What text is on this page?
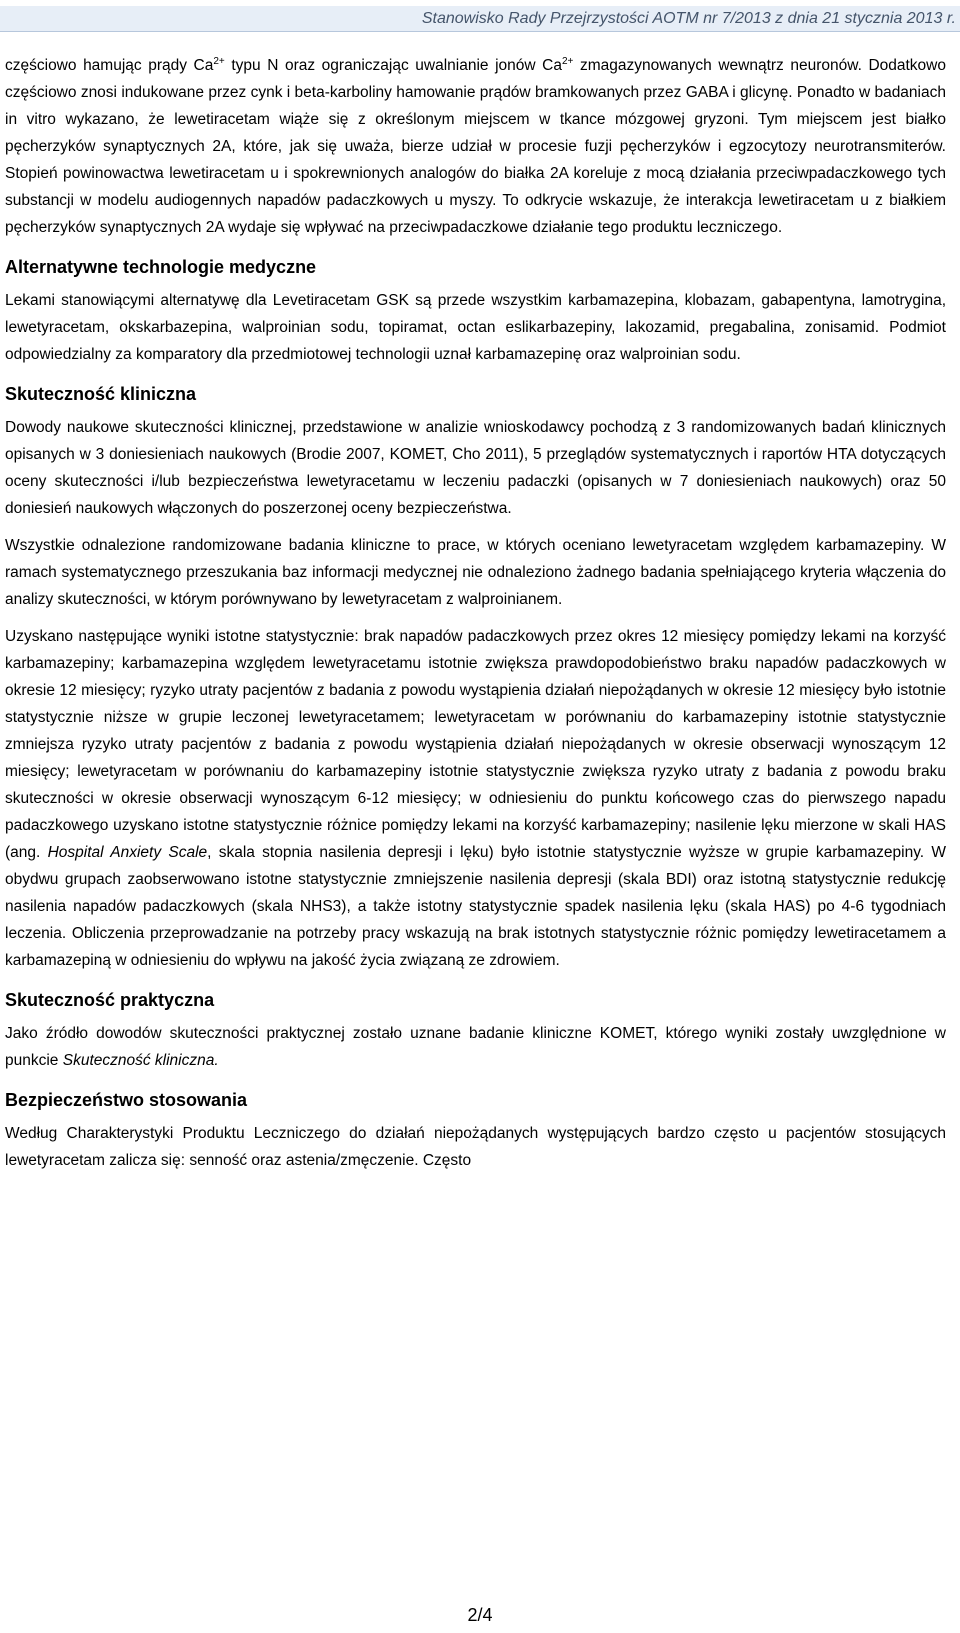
Stanowisko Rady Przejrzystości AOTM nr 7/2013 z dnia 21 stycznia 2013 r.

częściowo hamując prądy $Ca^{2+}$ typu N oraz ograniczając uwalnianie jonów $Ca^{2+}$ zmagazynowanych wewnątrz neuronów. Dodatkowo częściowo znosi indukowane przez cynk i beta-karboliny hamowanie prądów bramkowanych przez GABA i glicynę. Ponadto w badaniach in vitro wykazano, że lewetiracetam wiąże się z określonym miejscem w tkance mózgowej gryzoni. Tym miejscem jest białko pęcherzyków synaptycznych 2A, które, jak się uważa, bierze udział w procesie fuzji pęcherzyków i egzocytozy neurotransmiterów. Stopień powinowactwa lewetiracetam u i spokrewnionych analogów do białka 2A koreluje z mocą działania przeciwpadaczkowego tych substancji w modelu audiogennych napadów padaczkowych u myszy. To odkrycie wskazuje, że interakcja lewetiracetam u z białkiem pęcherzyków synaptycznych 2A wydaje się wpływać na przeciwpadaczkowe działanie tego produktu leczniczego.

Alternatywne technologie medyczne

Lekami stanowiącymi alternatywę dla Levetiracetam GSK są przede wszystkim karbamazepina, klobazam, gabapentyna, lamotrygina, lewetyracetam, okskarbazepina, walproinian sodu, topiramat, octan eslikarbazepiny, lakozamid, pregabalina, zonisamid. Podmiot odpowiedzialny za komparatory dla przedmiotowej technologii uznał karbamazepinę oraz walproinian sodu.

Skuteczność kliniczna

Dowody naukowe skuteczności klinicznej, przedstawione w analizie wnioskodawcy pochodzą z 3 randomizowanych badań klinicznych opisanych w 3 doniesieniach naukowych (Brodie 2007, KOMET, Cho 2011), 5 przeglądów systematycznych i raportów HTA dotyczących oceny skuteczności i/lub bezpieczeństwa lewetyracetamu w leczeniu padaczki (opisanych w 7 doniesieniach naukowych) oraz 50 doniesień naukowych włączonych do poszerzonej oceny bezpieczeństwa.

Wszystkie odnalezione randomizowane badania kliniczne to prace, w których oceniano lewetyracetam względem karbamazepiny. W ramach systematycznego przeszukania baz informacji medycznej nie odnaleziono żadnego badania spełniającego kryteria włączenia do analizy skuteczności, w którym porównywano by lewetyracetam z walproinianem.

Uzyskano następujące wyniki istotne statystycznie: brak napadów padaczkowych przez okres 12 miesięcy pomiędzy lekami na korzyść karbamazepiny; karbamazepina względem lewetyracetamu istotnie zwiększa prawdopodobieństwo braku napadów padaczkowych w okresie 12 miesięcy; ryzyko utraty pacjentów z badania z powodu wystąpienia działań niepożądanych w okresie 12 miesięcy było istotnie statystycznie niższe w grupie leczonej lewetyracetamem; lewetyracetam w porównaniu do karbamazepiny istotnie statystycznie zmniejsza ryzyko utraty pacjentów z badania z powodu wystąpienia działań niepożądanych w okresie obserwacji wynoszącym 12 miesięcy; lewetyracetam w porównaniu do karbamazepiny istotnie statystycznie zwiększa ryzyko utraty z badania z powodu braku skuteczności w okresie obserwacji wynoszącym 6-12 miesięcy; w odniesieniu do punktu końcowego czas do pierwszego napadu padaczkowego uzyskano istotne statystycznie różnice pomiędzy lekami na korzyść karbamazepiny; nasilenie lęku mierzone w skali HAS (ang. Hospital Anxiety Scale, skala stopnia nasilenia depresji i lęku) było istotnie statystycznie wyższe w grupie karbamazepiny. W obydwu grupach zaobserwowano istotne statystycznie zmniejszenie nasilenia depresji (skala BDI) oraz istotną statystycznie redukcję nasilenia napadów padaczkowych (skala NHS3), a także istotny statystycznie spadek nasilenia lęku (skala HAS) po 4-6 tygodniach leczenia. Obliczenia przeprowadzanie na potrzeby pracy wskazują na brak istotnych statystycznie różnic pomiędzy lewetiracetamem a karbamazepiną w odniesieniu do wpływu na jakość życia związaną ze zdrowiem.

Skuteczność praktyczna

Jako źródło dowodów skuteczności praktycznej zostało uznane badanie kliniczne KOMET, którego wyniki zostały uwzględnione w punkcie Skuteczność kliniczna.

Bezpieczeństwo stosowania

Według Charakterystyki Produktu Leczniczego do działań niepożądanych występujących bardzo często u pacjentów stosujących lewetyracetam zalicza się: senność oraz astenia/zmęczenie. Często

2/4
